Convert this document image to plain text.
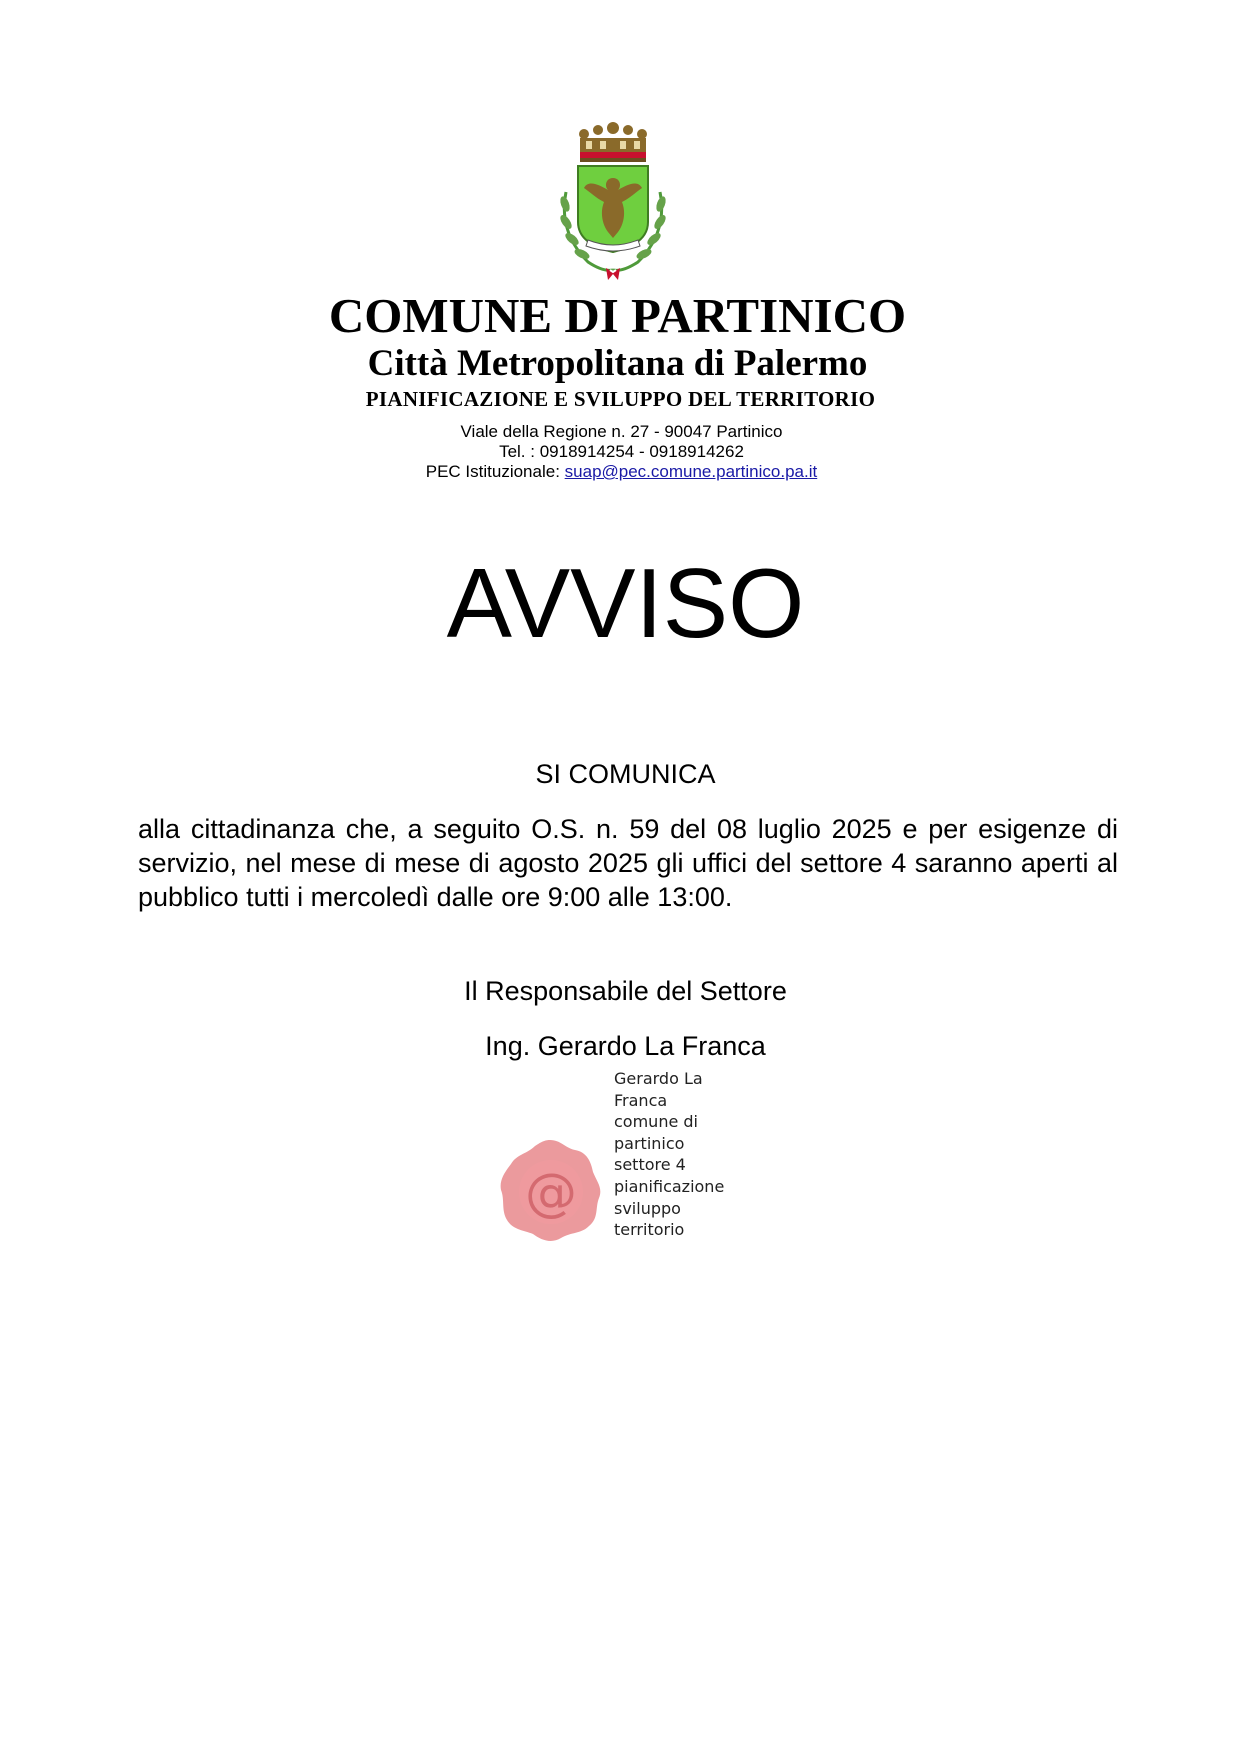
COMUNE DI PARTINICO
Città Metropolitana di Palermo
PIANIFICAZIONE E SVILUPPO DEL TERRITORIO
Viale della Regione n. 27 - 90047 Partinico
Tel. : 0918914254 - 0918914262
PEC Istituzionale: suap@pec.comune.partinico.pa.it
AVVISO
SI COMUNICA

alla cittadinanza che, a seguito O.S. n. 59 del 08 luglio 2025 e per esigenze di servizio, nel mese di mese di agosto 2025 gli uffici del settore 4 saranno aperti al pubblico tutti i mercoledì dalle ore 9:00 alle 13:00.

Il Responsabile del Settore
Ing. Gerardo La Franca
@
Gerardo La
Franca
comune di
partinico
settore 4
pianificazione
sviluppo
territorio
